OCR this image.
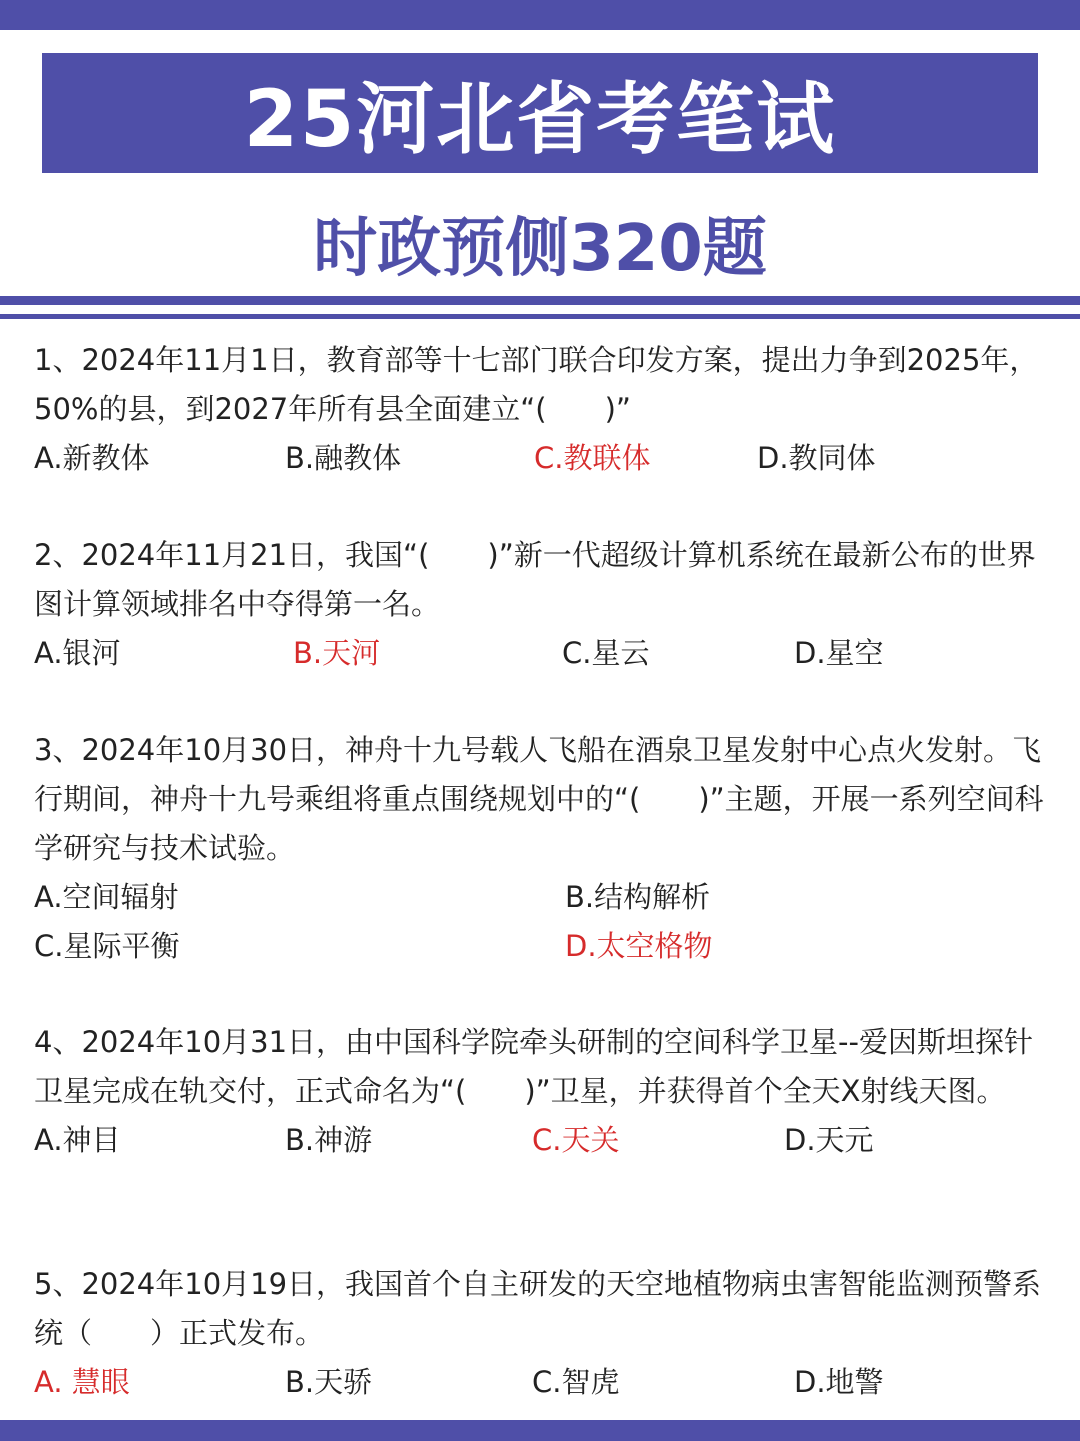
25河北省考笔试
时政预侧320题

1、2024年11月1日，教育部等十七部门联合印发方案，提出力争到2025年，50%的县，到2027年所有县全面建立“(　　)”

A.新教体	B.融教体	C.教联体	D.教同体

2、2024年11月21日，我国“(　　)”新一代超级计算机系统在最新公布的世界图计算领域排名中夺得第一名。

A.银河	B.天河	C.星云	D.星空

3、2024年10月30日，神舟十九号载人飞船在酒泉卫星发射中心点火发射。飞行期间，神舟十九号乘组将重点围绕规划中的“(　　)”主题，开展一系列空间科学研究与技术试验。

A.空间辐射	B.结构解析
C.星际平衡	D.太空格物

4、2024年10月31日，由中国科学院牵头研制的空间科学卫星--爱因斯坦探针卫星完成在轨交付，正式命名为“(　　)”卫星，并获得首个全天X射线天图。

A.神目	B.神游	C.天关	D.天元

5、2024年10月19日，我国首个自主研发的天空地植物病虫害智能监测预警系统（　　）正式发布。

A. 慧眼	B.天骄	C.智虎	D.地警
